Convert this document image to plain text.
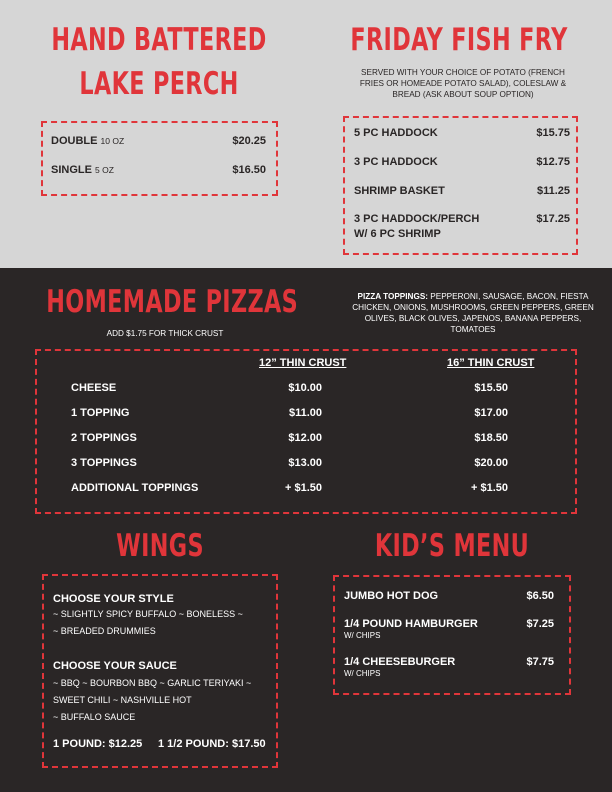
HAND BATTERED
LAKE PERCH
DOUBLE 10 OZ	$20.25
SINGLE 5 OZ	$16.50
FRIDAY FISH FRY
SERVED WITH YOUR CHOICE OF POTATO (FRENCH FRIES OR HOMEADE POTATO SALAD), COLESLAW & BREAD (ASK ABOUT SOUP OPTION)
5 PC HADDOCK	$15.75
3 PC HADDOCK	$12.75
SHRIMP BASKET	$11.25
3 PC HADDOCK/PERCH
W/ 6 PC SHRIMP
$17.25
HOMEMADE PIZZAS
ADD $1.75 FOR THICK CRUST
PIZZA TOPPINGS: PEPPERONI, SAUSAGE, BACON, FIESTA CHICKEN, ONIONS, MUSHROOMS, GREEN PEPPERS, GREEN OLIVES, BLACK OLIVES, JAPENOS, BANANA PEPPERS, TOMATOES
12” THIN CRUST	16” THIN CRUST
CHEESE	$10.00	$15.50
1 TOPPING	$11.00	$17.00
2 TOPPINGS	$12.00	$18.50
3 TOPPINGS	$13.00	$20.00
ADDITIONAL TOPPINGS	+ $1.50	+ $1.50
WINGS
CHOOSE YOUR STYLE
~ SLIGHTLY SPICY BUFFALO ~ BONELESS ~
~ BREADED DRUMMIES
CHOOSE YOUR SAUCE
~ BBQ ~ BOURBON BBQ ~ GARLIC TERIYAKI ~
SWEET CHILI ~ NASHVILLE HOT
~ BUFFALO SAUCE
1 POUND: $12.25 1 1/2 POUND: $17.50
KID’S MENU
JUMBO HOT DOG	$6.50
1/4 POUND HAMBURGER
W/ CHIPS
$7.25
1/4 CHEESEBURGER
W/ CHIPS
$7.75
